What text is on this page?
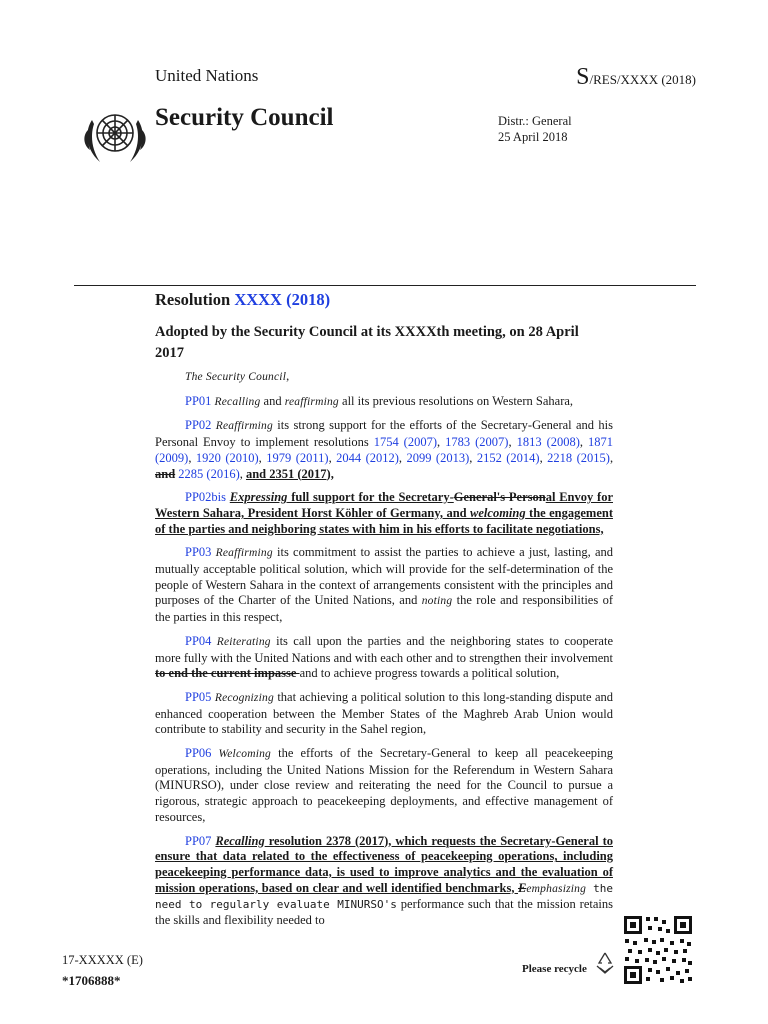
United Nations	S/RES/XXXX (2018)
Security Council	Distr.: General
25 April 2018
Resolution XXXX (2018)
Adopted by the Security Council at its XXXXth meeting, on 28 April 2017

The Security Council,

PP01 Recalling and reaffirming all its previous resolutions on Western Sahara,

PP02 Reaffirming its strong support for the efforts of the Secretary-General and his Personal Envoy to implement resolutions 1754 (2007), 1783 (2007), 1813 (2008), 1871 (2009), 1920 (2010), 1979 (2011), 2044 (2012), 2099 (2013), 2152 (2014), 2218 (2015), and 2285 (2016), and 2351 (2017),

PP02bis Expressing full support for the Secretary-General's Personal Envoy for Western Sahara, President Horst Köhler of Germany, and welcoming the engagement of the parties and neighboring states with him in his efforts to facilitate negotiations,

PP03 Reaffirming its commitment to assist the parties to achieve a just, lasting, and mutually acceptable political solution, which will provide for the self-determination of the people of Western Sahara in the context of arrangements consistent with the principles and purposes of the Charter of the United Nations, and noting the role and responsibilities of the parties in this respect,

PP04 Reiterating its call upon the parties and the neighboring states to cooperate more fully with the United Nations and with each other and to strengthen their involvement to end the current impasse and to achieve progress towards a political solution,

PP05 Recognizing that achieving a political solution to this long-standing dispute and enhanced cooperation between the Member States of the Maghreb Arab Union would contribute to stability and security in the Sahel region,

PP06 Welcoming the efforts of the Secretary-General to keep all peacekeeping operations, including the United Nations Mission for the Referendum in Western Sahara (MINURSO), under close review and reiterating the need for the Council to pursue a rigorous, strategic approach to peacekeeping deployments, and effective management of resources,

PP07 Recalling resolution 2378 (2017), which requests the Secretary-General to ensure that data related to the effectiveness of peacekeeping operations, including peacekeeping performance data, is used to improve analytics and the evaluation of mission operations, based on clear and well identified benchmarks, Eemphasizing the need to regularly evaluate MINURSO's performance such that the mission retains the skills and flexibility needed to

17-XXXXX (E)
*1706888*
Please recycle
